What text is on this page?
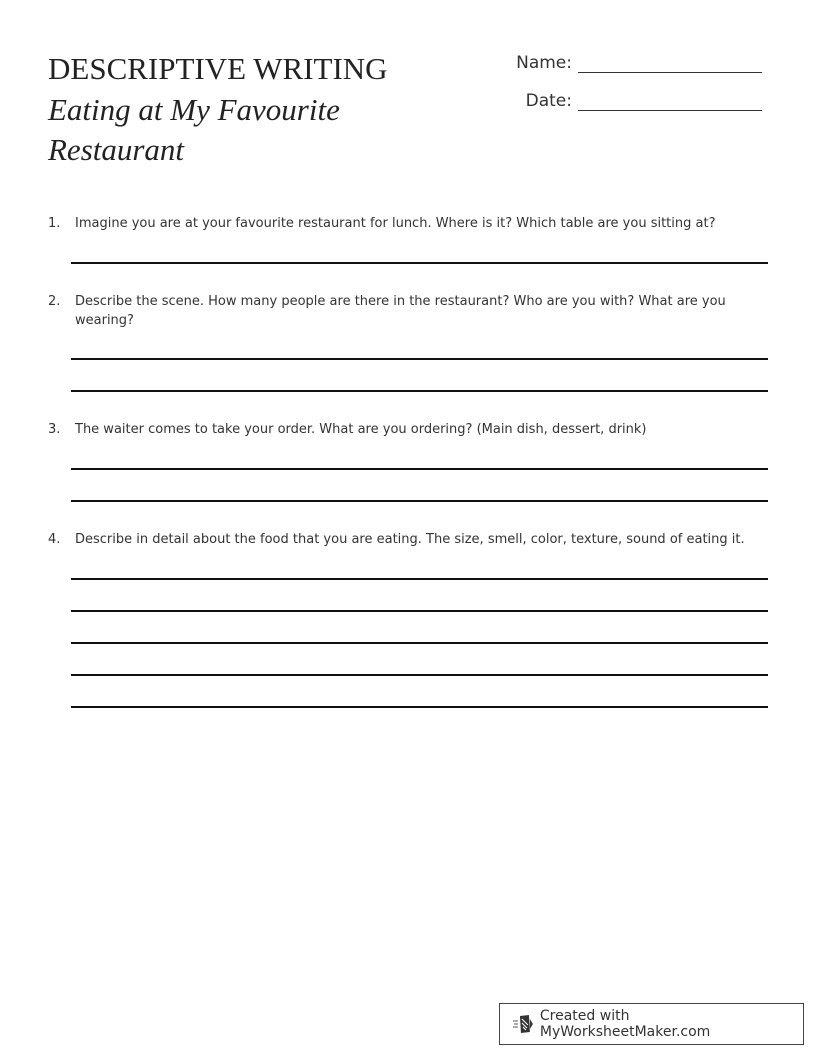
DESCRIPTIVE WRITING
Eating at My Favourite Restaurant
Name:
Date:
1.	Imagine you are at your favourite restaurant for lunch. Where is it? Which table are you sitting at?
2.	Describe the scene. How many people are there in the restaurant? Who are you with? What are you wearing?
3.	The waiter comes to take your order. What are you ordering? (Main dish, dessert, drink)
4.	Describe in detail about the food that you are eating. The size, smell, color, texture, sound of eating it.
Created with MyWorksheetMaker.com
